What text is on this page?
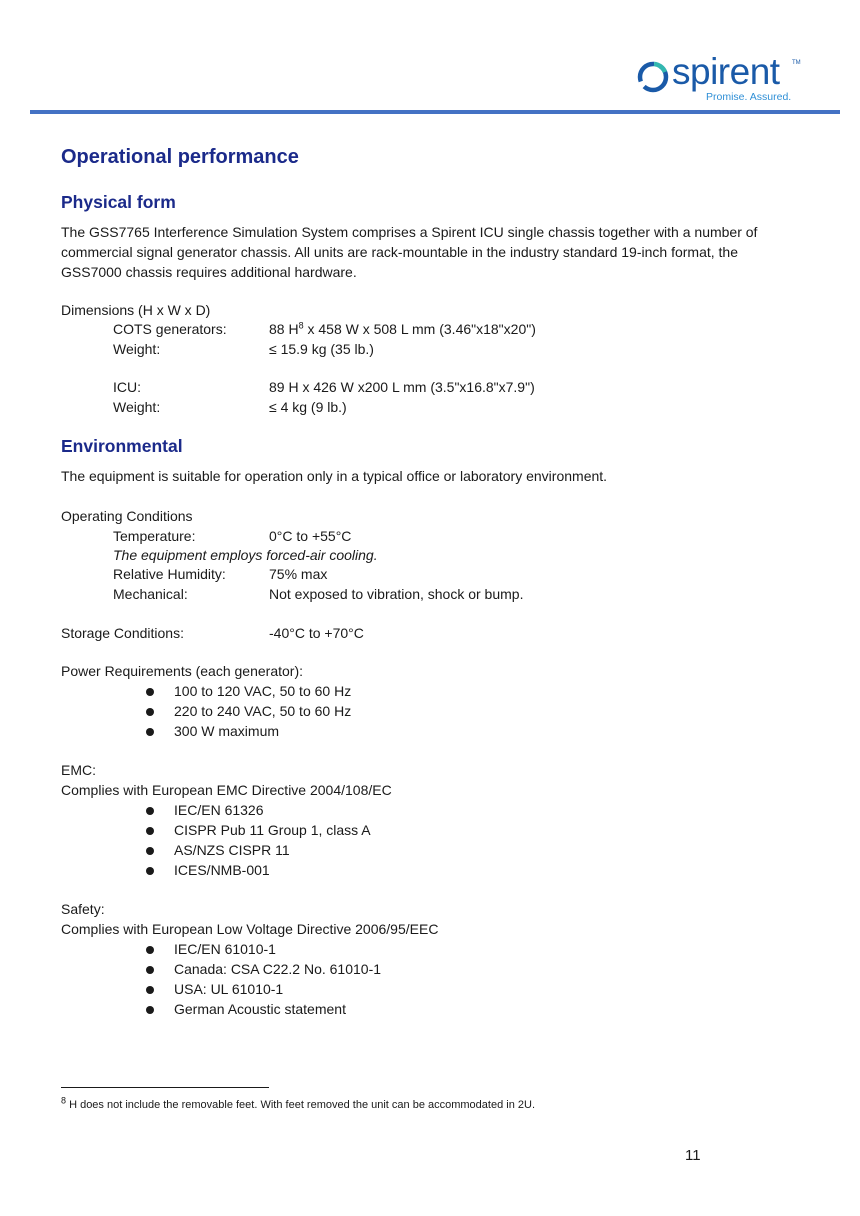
spirent TM
Promise. Assured.
Operational performance
Physical form
The GSS7765 Interference Simulation System comprises a Spirent ICU single chassis together with a number of commercial signal generator chassis. All units are rack-mountable in the industry standard 19-inch format, the GSS7000 chassis requires additional hardware.
Dimensions (H x W x D)
COTS generators:	88 $H^8$ x 458 W x 508 L mm (3.46"x18"x20")
Weight:	≤ 15.9 kg (35 lb.)
ICU:	89 H x 426 W x200 L mm (3.5"x16.8"x7.9")
Weight:	≤ 4 kg (9 lb.)
Environmental
The equipment is suitable for operation only in a typical office or laboratory environment.
Operating Conditions
Temperature:	0°C to +55°C
The equipment employs forced-air cooling.
Relative Humidity:	75% max
Mechanical:	Not exposed to vibration, shock or bump.
Storage Conditions:	-40°C to +70°C
Power Requirements (each generator):
100 to 120 VAC, 50 to 60 Hz
220 to 240 VAC, 50 to 60 Hz
300 W maximum
EMC:
Complies with European EMC Directive 2004/108/EC
IEC/EN 61326
CISPR Pub 11 Group 1, class A
AS/NZS CISPR 11
ICES/NMB-001
Safety:
Complies with European Low Voltage Directive 2006/95/EEC
IEC/EN 61010-1
Canada: CSA C22.2 No. 61010-1
USA: UL 61010-1
German Acoustic statement
$^8$ H does not include the removable feet. With feet removed the unit can be accommodated in 2U.
11
